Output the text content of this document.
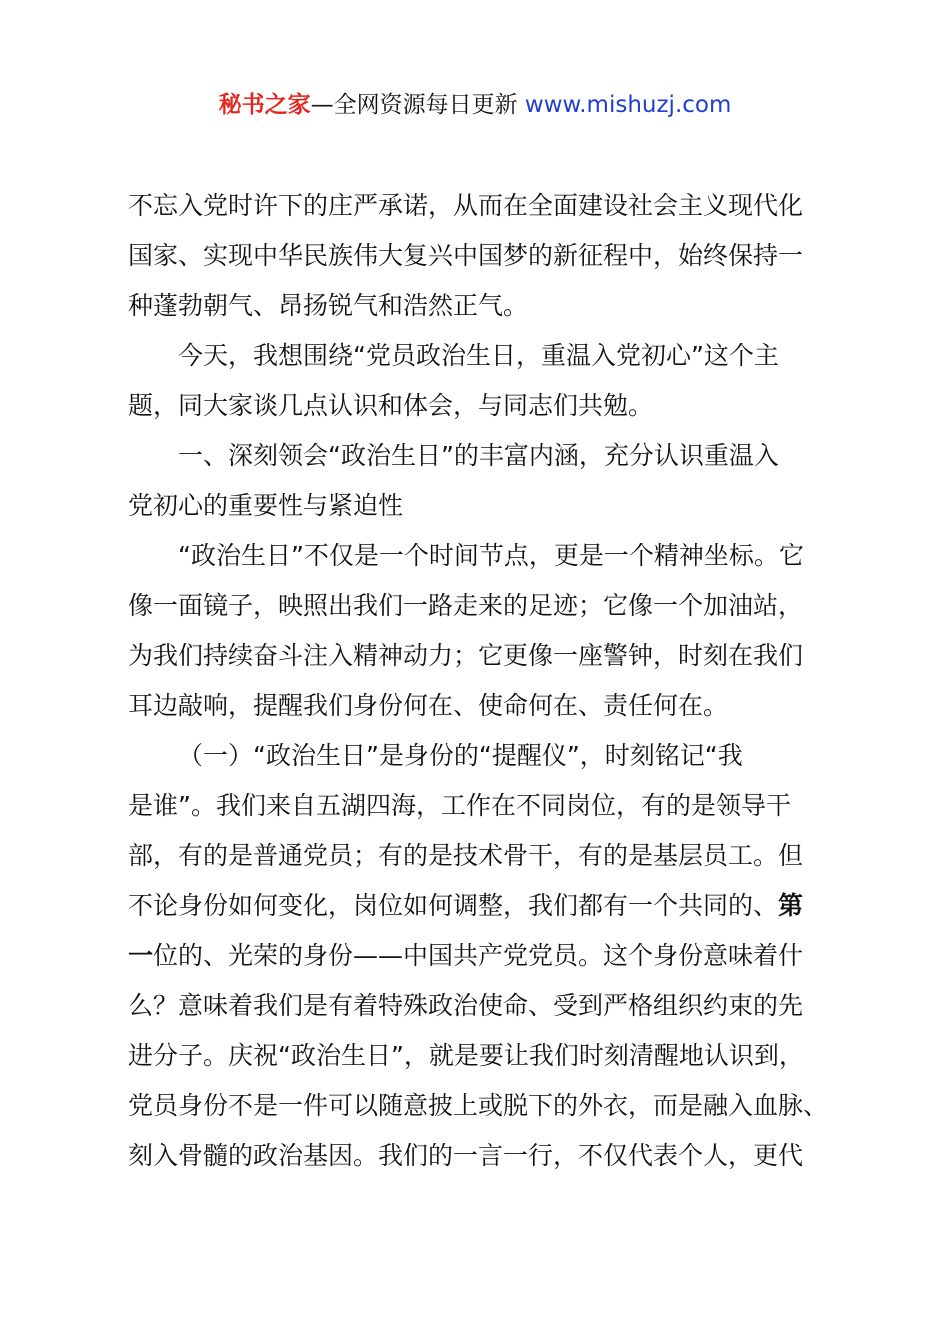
秘书之家—全网资源每日更新 www.mishuzj.com
不忘入党时许下的庄严承诺，从而在全面建设社会主义现代化
国家、实现中华民族伟大复兴中国梦的新征程中，始终保持一
种蓬勃朝气、昂扬锐气和浩然正气。
今天，我想围绕“党员政治生日，重温入党初心”这个主
题，同大家谈几点认识和体会，与同志们共勉。
一、深刻领会“政治生日”的丰富内涵，充分认识重温入
党初心的重要性与紧迫性
“政治生日”不仅是一个时间节点，更是一个精神坐标。它
像一面镜子，映照出我们一路走来的足迹；它像一个加油站，
为我们持续奋斗注入精神动力；它更像一座警钟，时刻在我们
耳边敲响，提醒我们身份何在、使命何在、责任何在。
（一）“政治生日”是身份的“提醒仪”，时刻铭记“我
是谁”。我们来自五湖四海，工作在不同岗位，有的是领导干
部，有的是普通党员；有的是技术骨干，有的是基层员工。但
不论身份如何变化，岗位如何调整，我们都有一个共同的、第
一位的、光荣的身份——中国共产党党员。这个身份意味着什
么？意味着我们是有着特殊政治使命、受到严格组织约束的先
进分子。庆祝“政治生日”，就是要让我们时刻清醒地认识到，
党员身份不是一件可以随意披上或脱下的外衣，而是融入血脉、
刻入骨髓的政治基因。我们的一言一行，不仅代表个人，更代
